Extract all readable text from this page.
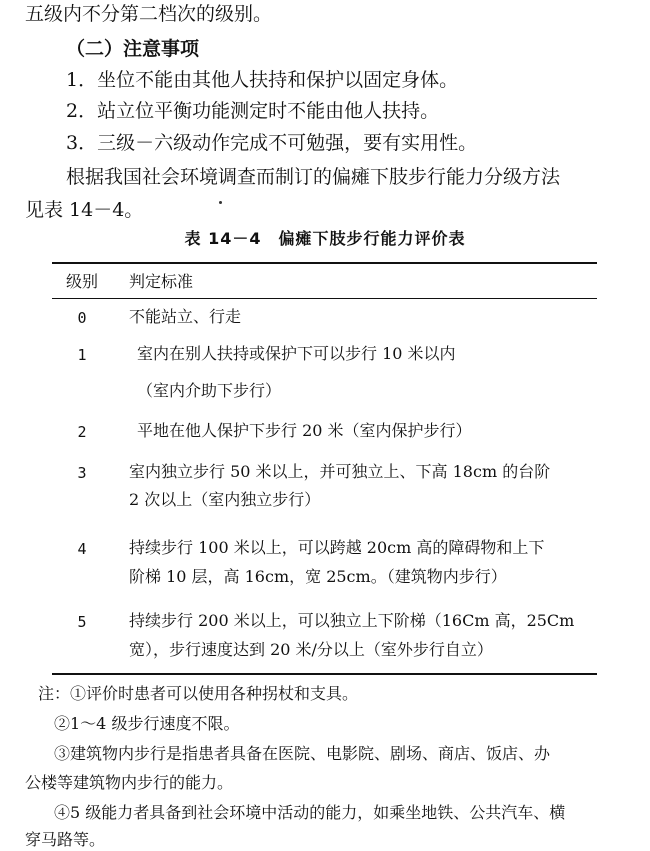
五级内不分第二档次的级别。
（二）注意事项
1．坐位不能由其他人扶持和保护以固定身体。
2．站立位平衡功能测定时不能由他人扶持。
3．三级－六级动作完成不可勉强，要有实用性。
根据我国社会环境调查而制订的偏瘫下肢步行能力分级方法
见表 14－4。
表 14－4　偏瘫下肢步行能力评价表
级别 判定标准
0	不能站立、行走
1	室内在别人扶持或保护下可以步行 10 米以内
（室内介助下步行）
2	平地在他人保护下步行 20 米（室内保护步行）
3	室内独立步行 50 米以上，并可独立上、下高 18cm 的台阶
2 次以上（室内独立步行）
4	持续步行 100 米以上，可以跨越 20cm 高的障碍物和上下
阶梯 10 层，高 16cm，宽 25cm。（建筑物内步行）
5	持续步行 200 米以上，可以独立上下阶梯（16Cm 高，25Cm
宽），步行速度达到 20 米/分以上（室外步行自立）
注：①评价时患者可以使用各种拐杖和支具。
②1～4 级步行速度不限。
③建筑物内步行是指患者具备在医院、电影院、剧场、商店、饭店、办
公楼等建筑物内步行的能力。
④5 级能力者具备到社会环境中活动的能力，如乘坐地铁、公共汽车、横
穿马路等。
